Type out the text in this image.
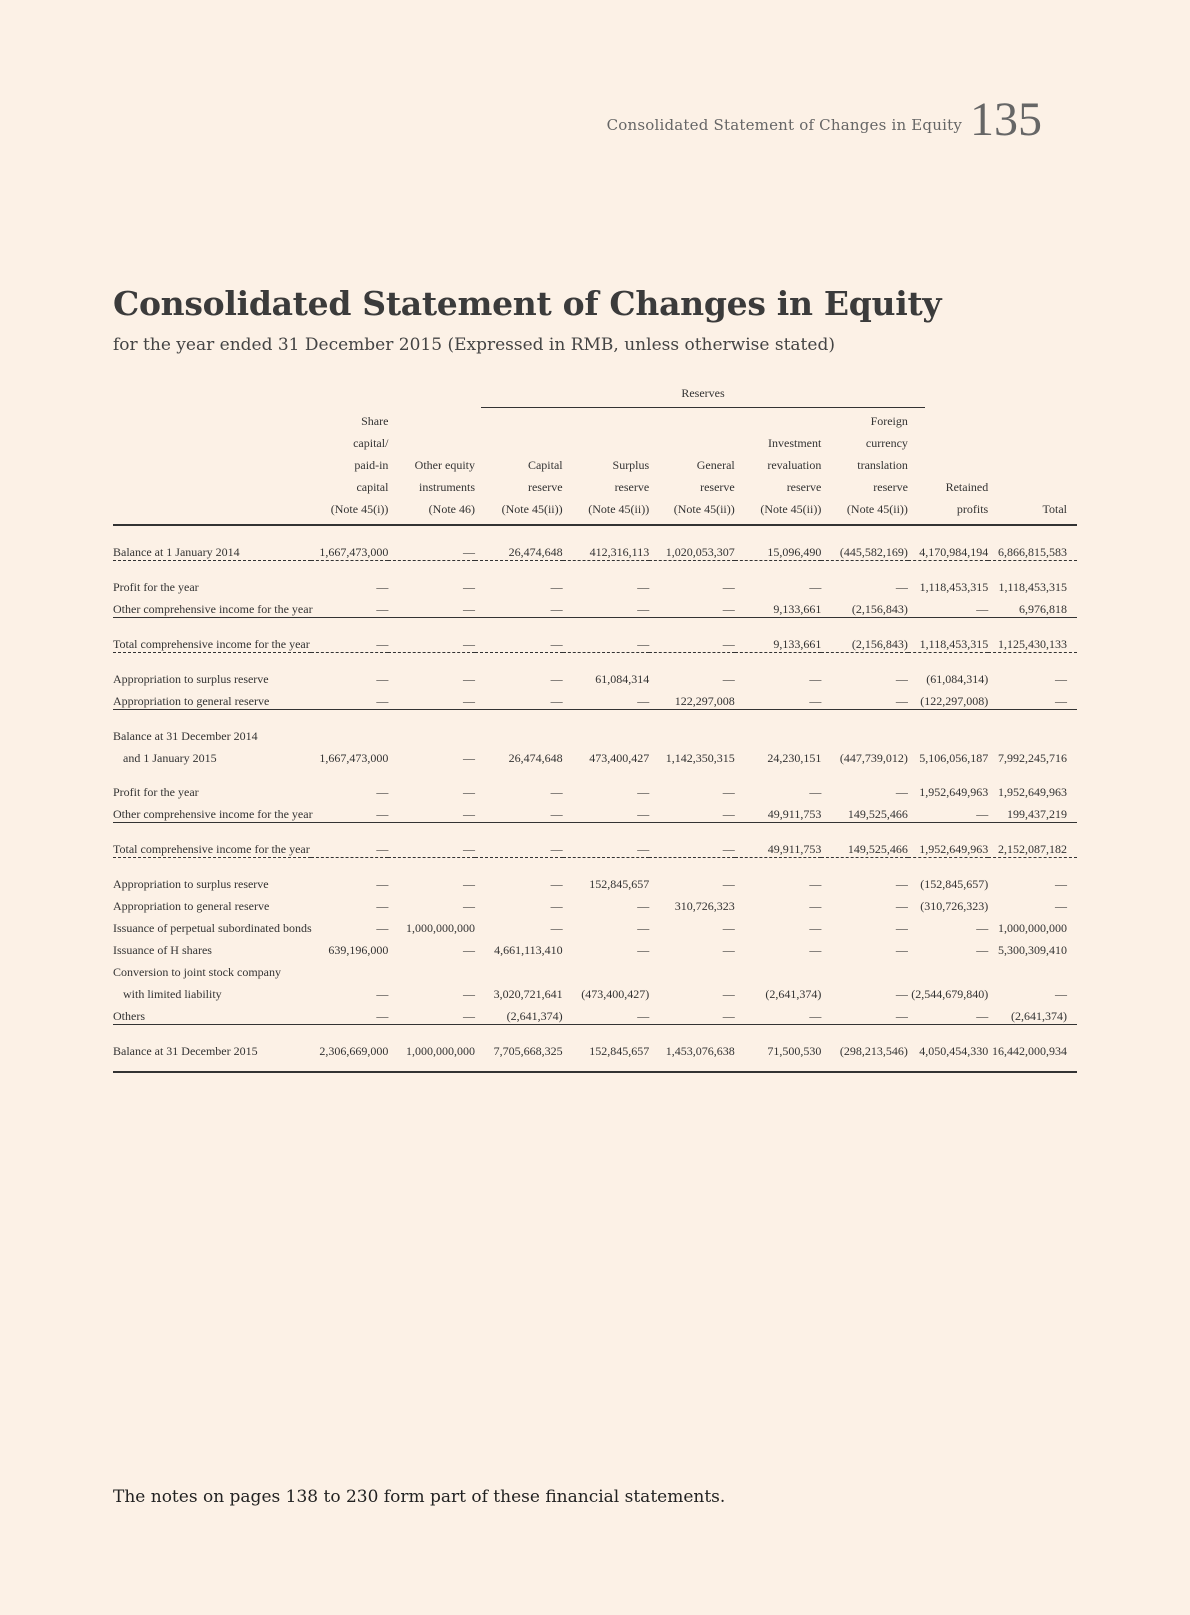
Consolidated Statement of Changes in Equity 135
Consolidated Statement of Changes in Equity
for the year ended 31 December 2015 (Expressed in RMB, unless otherwise stated)
Reserves
	Share						Foreign		
	capital/					Investment	currency		
	paid-in	Other equity	Capital	Surplus	General	revaluation	translation		
	capital	instruments	reserve	reserve	reserve	reserve	reserve	Retained	
	(Note 45(i))	(Note 46)	(Note 45(ii))	(Note 45(ii))	(Note 45(ii))	(Note 45(ii))	(Note 45(ii))	profits	Total

Balance at 1 January 2014	1,667,473,000	—	26,474,648	412,316,113	1,020,053,307	15,096,490	(445,582,169)	4,170,984,194	6,866,815,583

Profit for the year	—	—	—	—	—	—	—	1,118,453,315	1,118,453,315
Other comprehensive income for the year	—	—	—	—	—	9,133,661	(2,156,843)	—	6,976,818

Total comprehensive income for the year	—	—	—	—	—	9,133,661	(2,156,843)	1,118,453,315	1,125,430,133

Appropriation to surplus reserve	—	—	—	61,084,314	—	—	—	(61,084,314)	—
Appropriation to general reserve	—	—	—	—	122,297,008	—	—	(122,297,008)	—

Balance at 31 December 2014									
and 1 January 2015	1,667,473,000	—	26,474,648	473,400,427	1,142,350,315	24,230,151	(447,739,012)	5,106,056,187	7,992,245,716

Profit for the year	—	—	—	—	—	—	—	1,952,649,963	1,952,649,963
Other comprehensive income for the year	—	—	—	—	—	49,911,753	149,525,466	—	199,437,219

Total comprehensive income for the year	—	—	—	—	—	49,911,753	149,525,466	1,952,649,963	2,152,087,182

Appropriation to surplus reserve	—	—	—	152,845,657	—	—	—	(152,845,657)	—
Appropriation to general reserve	—	—	—	—	310,726,323	—	—	(310,726,323)	—
Issuance of perpetual subordinated bonds	—	1,000,000,000	—	—	—	—	—	—	1,000,000,000
Issuance of H shares	639,196,000	—	4,661,113,410	—	—	—	—	—	5,300,309,410
Conversion to joint stock company									
with limited liability	—	—	3,020,721,641	(473,400,427)	—	(2,641,374)	—	(2,544,679,840)	—
Others	—	—	(2,641,374)	—	—	—	—	—	(2,641,374)

Balance at 31 December 2015	2,306,669,000	1,000,000,000	7,705,668,325	152,845,657	1,453,076,638	71,500,530	(298,213,546)	4,050,454,330	16,442,000,934

The notes on pages 138 to 230 form part of these financial statements.
